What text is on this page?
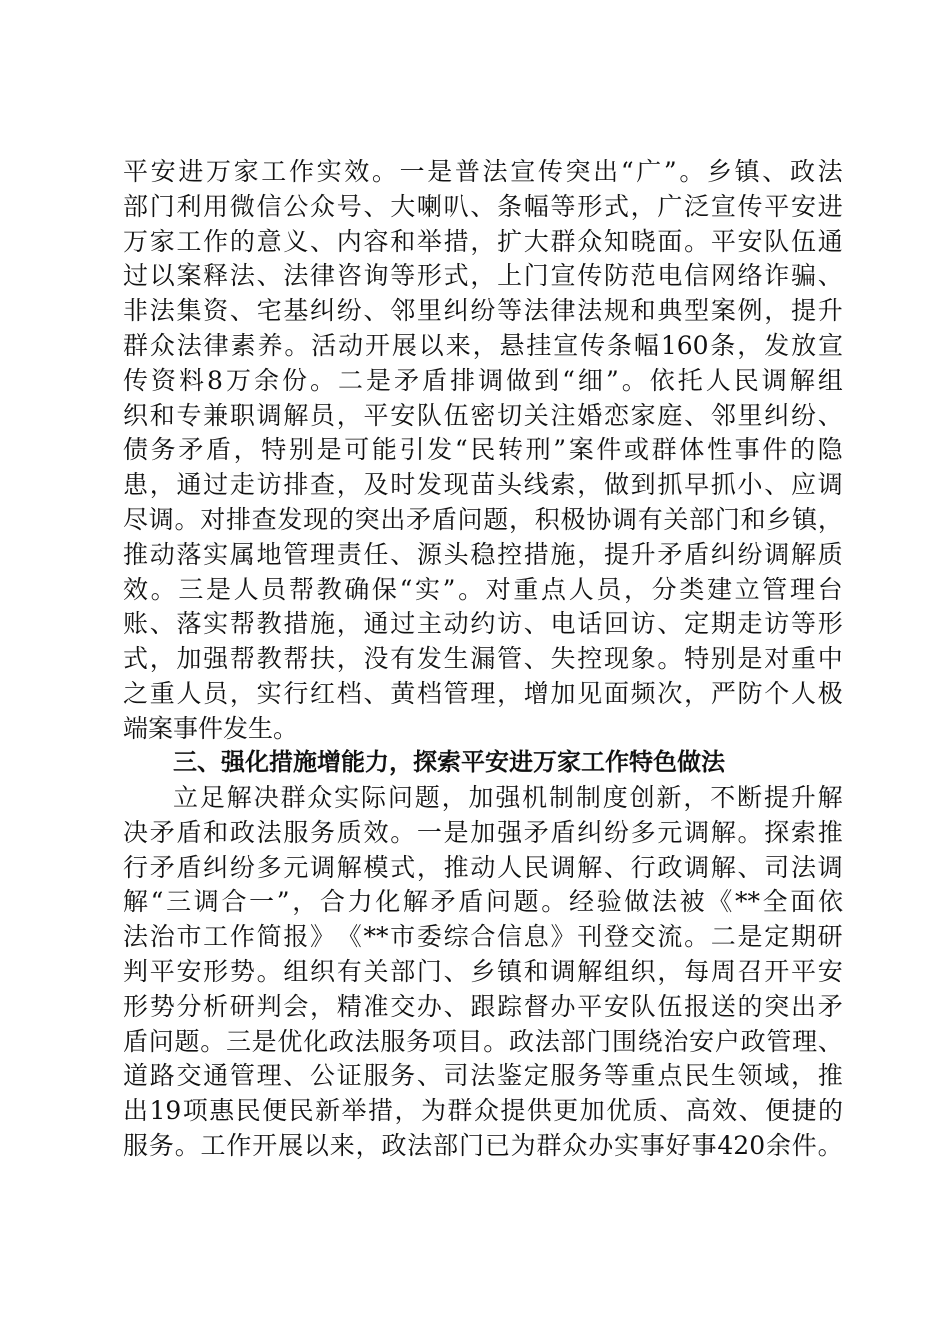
平 安 进 万 家 工 作 实 效 。 一 是 普 法 宣 传 突 出 “ 广 ” 。 乡 镇 、 政 法
部 门 利 用 微 信 公 众 号 、 大 喇 叭 、 条 幅 等 形 式 ， 广 泛 宣 传 平 安 进
万 家 工 作 的 意 义 、 内 容 和 举 措 ， 扩 大 群 众 知 晓 面 。 平 安 队 伍 通
过 以 案 释 法 、 法 律 咨 询 等 形 式 ， 上 门 宣 传 防 范 电 信 网 络 诈 骗 、
非 法 集 资 、 宅 基 纠 纷 、 邻 里 纠 纷 等 法 律 法 规 和 典 型 案 例 ， 提 升
群 众 法 律 素 养 。 活 动 开 展 以 来 ， 悬 挂 宣 传 条 幅 160 条 ， 发 放 宣
传 资 料 8 万 余 份 。 二 是 矛 盾 排 调 做 到 “ 细 ” 。 依 托 人 民 调 解 组
织 和 专 兼 职 调 解 员 ， 平 安 队 伍 密 切 关 注 婚 恋 家 庭 、 邻 里 纠 纷 、
债 务 矛 盾 ， 特 别 是 可 能 引 发 “ 民 转 刑 ” 案 件 或 群 体 性 事 件 的 隐
患 ， 通 过 走 访 排 查 ， 及 时 发 现 苗 头 线 索 ， 做 到 抓 早 抓 小 、 应 调
尽 调 。 对 排 查 发 现 的 突 出 矛 盾 问 题 ， 积 极 协 调 有 关 部 门 和 乡 镇 ，
推 动 落 实 属 地 管 理 责 任 、 源 头 稳 控 措 施 ， 提 升 矛 盾 纠 纷 调 解 质
效 。 三 是 人 员 帮 教 确 保 “ 实 ” 。 对 重 点 人 员 ， 分 类 建 立 管 理 台
账 、 落 实 帮 教 措 施 ， 通 过 主 动 约 访 、 电 话 回 访 、 定 期 走 访 等 形
式 ， 加 强 帮 教 帮 扶 ， 没 有 发 生 漏 管 、 失 控 现 象 。 特 别 是 对 重 中
之 重 人 员 ， 实 行 红 档 、 黄 档 管 理 ， 增 加 见 面 频 次 ， 严 防 个 人 极
端案事件发生。
三、强化措施增能力，探索平安进万家工作特色做法
立 足 解 决 群 众 实 际 问 题 ， 加 强 机 制 制 度 创 新 ， 不 断 提 升 解
决 矛 盾 和 政 法 服 务 质 效 。 一 是 加 强 矛 盾 纠 纷 多 元 调 解 。 探 索 推
行 矛 盾 纠 纷 多 元 调 解 模 式 ， 推 动 人 民 调 解 、 行 政 调 解 、 司 法 调
解 “ 三 调 合 一 ” ， 合 力 化 解 矛 盾 问 题 。 经 验 做 法 被 《 ** 全 面 依
法 治 市 工 作 简 报 》 《 ** 市 委 综 合 信 息 》 刊 登 交 流 。 二 是 定 期 研
判 平 安 形 势 。 组 织 有 关 部 门 、 乡 镇 和 调 解 组 织 ， 每 周 召 开 平 安
形 势 分 析 研 判 会 ， 精 准 交 办 、 跟 踪 督 办 平 安 队 伍 报 送 的 突 出 矛
盾 问 题 。 三 是 优 化 政 法 服 务 项 目 。 政 法 部 门 围 绕 治 安 户 政 管 理 、
道 路 交 通 管 理 、 公 证 服 务 、 司 法 鉴 定 服 务 等 重 点 民 生 领 域 ， 推
出 19 项 惠 民 便 民 新 举 措 ， 为 群 众 提 供 更 加 优 质 、 高 效 、 便 捷 的
服 务 。 工 作 开 展 以 来 ， 政 法 部 门 已 为 群 众 办 实 事 好 事 420 余 件 。
